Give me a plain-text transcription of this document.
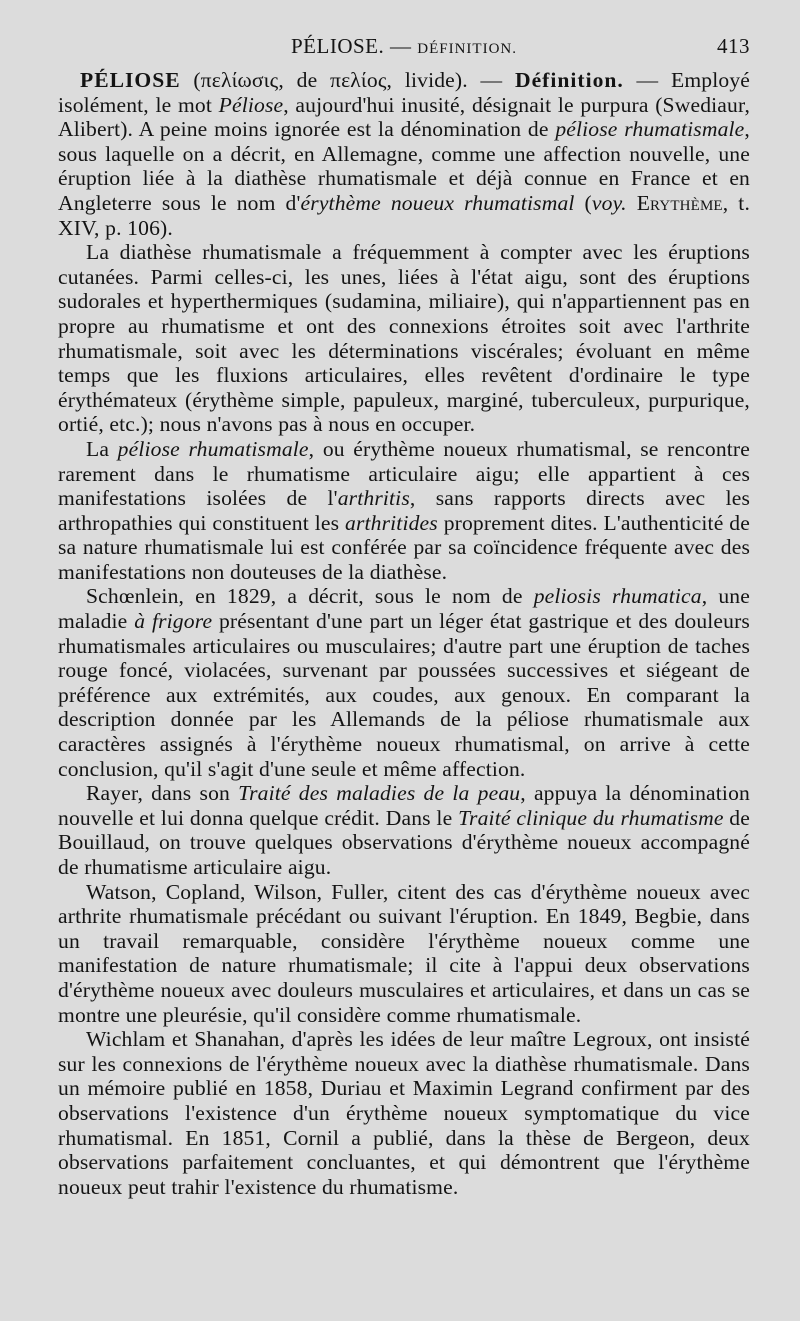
PÉLIOSE. — DÉFINITION.	413

PÉLIOSE (πελίωσις, de πελίος, livide). — Définition. — Employé isolément, le mot Péliose, aujourd'hui inusité, désignait le purpura (Swediaur, Alibert). A peine moins ignorée est la dénomination de péliose rhumatismale, sous laquelle on a décrit, en Allemagne, comme une affection nouvelle, une éruption liée à la diathèse rhumatismale et déjà connue en France et en Angleterre sous le nom d'érythème noueux rhumatismal (voy. Erythème, t. XIV, p. 106).

La diathèse rhumatismale a fréquemment à compter avec les éruptions cutanées. Parmi celles-ci, les unes, liées à l'état aigu, sont des éruptions sudorales et hyperthermiques (sudamina, miliaire), qui n'appartiennent pas en propre au rhumatisme et ont des connexions étroites soit avec l'arthrite rhumatismale, soit avec les déterminations viscérales; évoluant en même temps que les fluxions articulaires, elles revêtent d'ordinaire le type érythémateux (érythème simple, papuleux, marginé, tuberculeux, purpurique, ortié, etc.); nous n'avons pas à nous en occuper.

La péliose rhumatismale, ou érythème noueux rhumatismal, se rencontre rarement dans le rhumatisme articulaire aigu; elle appartient à ces manifestations isolées de l'arthritis, sans rapports directs avec les arthropathies qui constituent les arthritides proprement dites. L'authenticité de sa nature rhumatismale lui est conférée par sa coïncidence fréquente avec des manifestations non douteuses de la diathèse.

Schœnlein, en 1829, a décrit, sous le nom de peliosis rhumatica, une maladie à frigore présentant d'une part un léger état gastrique et des douleurs rhumatismales articulaires ou musculaires; d'autre part une éruption de taches rouge foncé, violacées, survenant par poussées successives et siégeant de préférence aux extrémités, aux coudes, aux genoux. En comparant la description donnée par les Allemands de la péliose rhumatismale aux caractères assignés à l'érythème noueux rhumatismal, on arrive à cette conclusion, qu'il s'agit d'une seule et même affection.

Rayer, dans son Traité des maladies de la peau, appuya la dénomination nouvelle et lui donna quelque crédit. Dans le Traité clinique du rhumatisme de Bouillaud, on trouve quelques observations d'érythème noueux accompagné de rhumatisme articulaire aigu.

Watson, Copland, Wilson, Fuller, citent des cas d'érythème noueux avec arthrite rhumatismale précédant ou suivant l'éruption. En 1849, Begbie, dans un travail remarquable, considère l'érythème noueux comme une manifestation de nature rhumatismale; il cite à l'appui deux observations d'érythème noueux avec douleurs musculaires et articulaires, et dans un cas se montre une pleurésie, qu'il considère comme rhumatismale.

Wichlam et Shanahan, d'après les idées de leur maître Legroux, ont insisté sur les connexions de l'érythème noueux avec la diathèse rhumatismale. Dans un mémoire publié en 1858, Duriau et Maximin Legrand confirment par des observations l'existence d'un érythème noueux symptomatique du vice rhumatismal. En 1851, Cornil a publié, dans la thèse de Bergeon, deux observations parfaitement concluantes, et qui démontrent que l'érythème noueux peut trahir l'existence du rhumatisme.
